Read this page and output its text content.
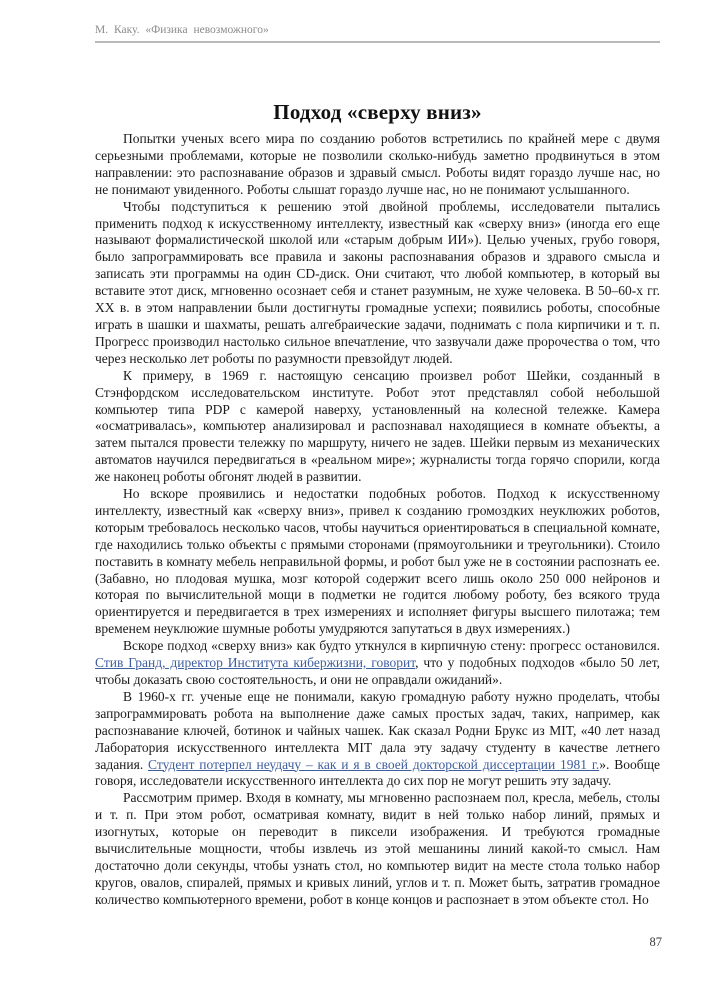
М. Каку. «Физика невозможного»
Подход «сверху вниз»

Попытки ученых всего мира по созданию роботов встретились по крайней мере с двумя серьезными проблемами, которые не позволили сколько-нибудь заметно продвинуться в этом направлении: это распознавание образов и здравый смысл. Роботы видят гораздо лучше нас, но не понимают увиденного. Роботы слышат гораздо лучше нас, но не понимают услышанного.

Чтобы подступиться к решению этой двойной проблемы, исследователи пытались применить подход к искусственному интеллекту, известный как «сверху вниз» (иногда его еще называют формалистической школой или «старым добрым ИИ»). Целью ученых, грубо говоря, было запрограммировать все правила и законы распознавания образов и здравого смысла и записать эти программы на один CD-диск. Они считают, что любой компьютер, в который вы вставите этот диск, мгновенно осознает себя и станет разумным, не хуже человека. В 50–60-х гг. XX в. в этом направлении были достигнуты громадные успехи; появились роботы, способные играть в шашки и шахматы, решать алгебраические задачи, поднимать с пола кирпичики и т. п. Прогресс производил настолько сильное впечатление, что зазвучали даже пророчества о том, что через несколько лет роботы по разумности превзойдут людей.

К примеру, в 1969 г. настоящую сенсацию произвел робот Шейки, созданный в Стэнфордском исследовательском институте. Робот этот представлял собой небольшой компьютер типа PDP с камерой наверху, установленный на колесной тележке. Камера «осматривалась», компьютер анализировал и распознавал находящиеся в комнате объекты, а затем пытался провести тележку по маршруту, ничего не задев. Шейки первым из механических автоматов научился передвигаться в «реальном мире»; журналисты тогда горячо спорили, когда же наконец роботы обгонят людей в развитии.

Но вскоре проявились и недостатки подобных роботов. Подход к искусственному интеллекту, известный как «сверху вниз», привел к созданию громоздких неуклюжих роботов, которым требовалось несколько часов, чтобы научиться ориентироваться в специальной комнате, где находились только объекты с прямыми сторонами (прямоугольники и треугольники). Стоило поставить в комнату мебель неправильной формы, и робот был уже не в состоянии распознать ее. (Забавно, но плодовая мушка, мозг которой содержит всего лишь около 250 000 нейронов и которая по вычислительной мощи в подметки не годится любому роботу, без всякого труда ориентируется и передвигается в трех измерениях и исполняет фигуры высшего пилотажа; тем временем неуклюжие шумные роботы умудряются запутаться в двух измерениях.)

Вскоре подход «сверху вниз» как будто уткнулся в кирпичную стену: прогресс остановился. Стив Гранд, директор Института кибержизни, говорит, что у подобных подходов «было 50 лет, чтобы доказать свою состоятельность, и они не оправдали ожиданий».

В 1960-х гг. ученые еще не понимали, какую громадную работу нужно проделать, чтобы запрограммировать робота на выполнение даже самых простых задач, таких, например, как распознавание ключей, ботинок и чайных чашек. Как сказал Родни Брукс из MIT, «40 лет назад Лаборатория искусственного интеллекта MIT дала эту задачу студенту в качестве летнего задания. Студент потерпел неудачу – как и я в своей докторской диссертации 1981 г.». Вообще говоря, исследователи искусственного интеллекта до сих пор не могут решить эту задачу.

Рассмотрим пример. Входя в комнату, мы мгновенно распознаем пол, кресла, мебель, столы и т. п. При этом робот, осматривая комнату, видит в ней только набор линий, прямых и изогнутых, которые он переводит в пиксели изображения. И требуются громадные вычислительные мощности, чтобы извлечь из этой мешанины линий какой-то смысл. Нам достаточно доли секунды, чтобы узнать стол, но компьютер видит на месте стола только набор кругов, овалов, спиралей, прямых и кривых линий, углов и т. п. Может быть, затратив громадное количество компьютерного времени, робот в конце концов и распознает в этом объекте стол. Но

87
